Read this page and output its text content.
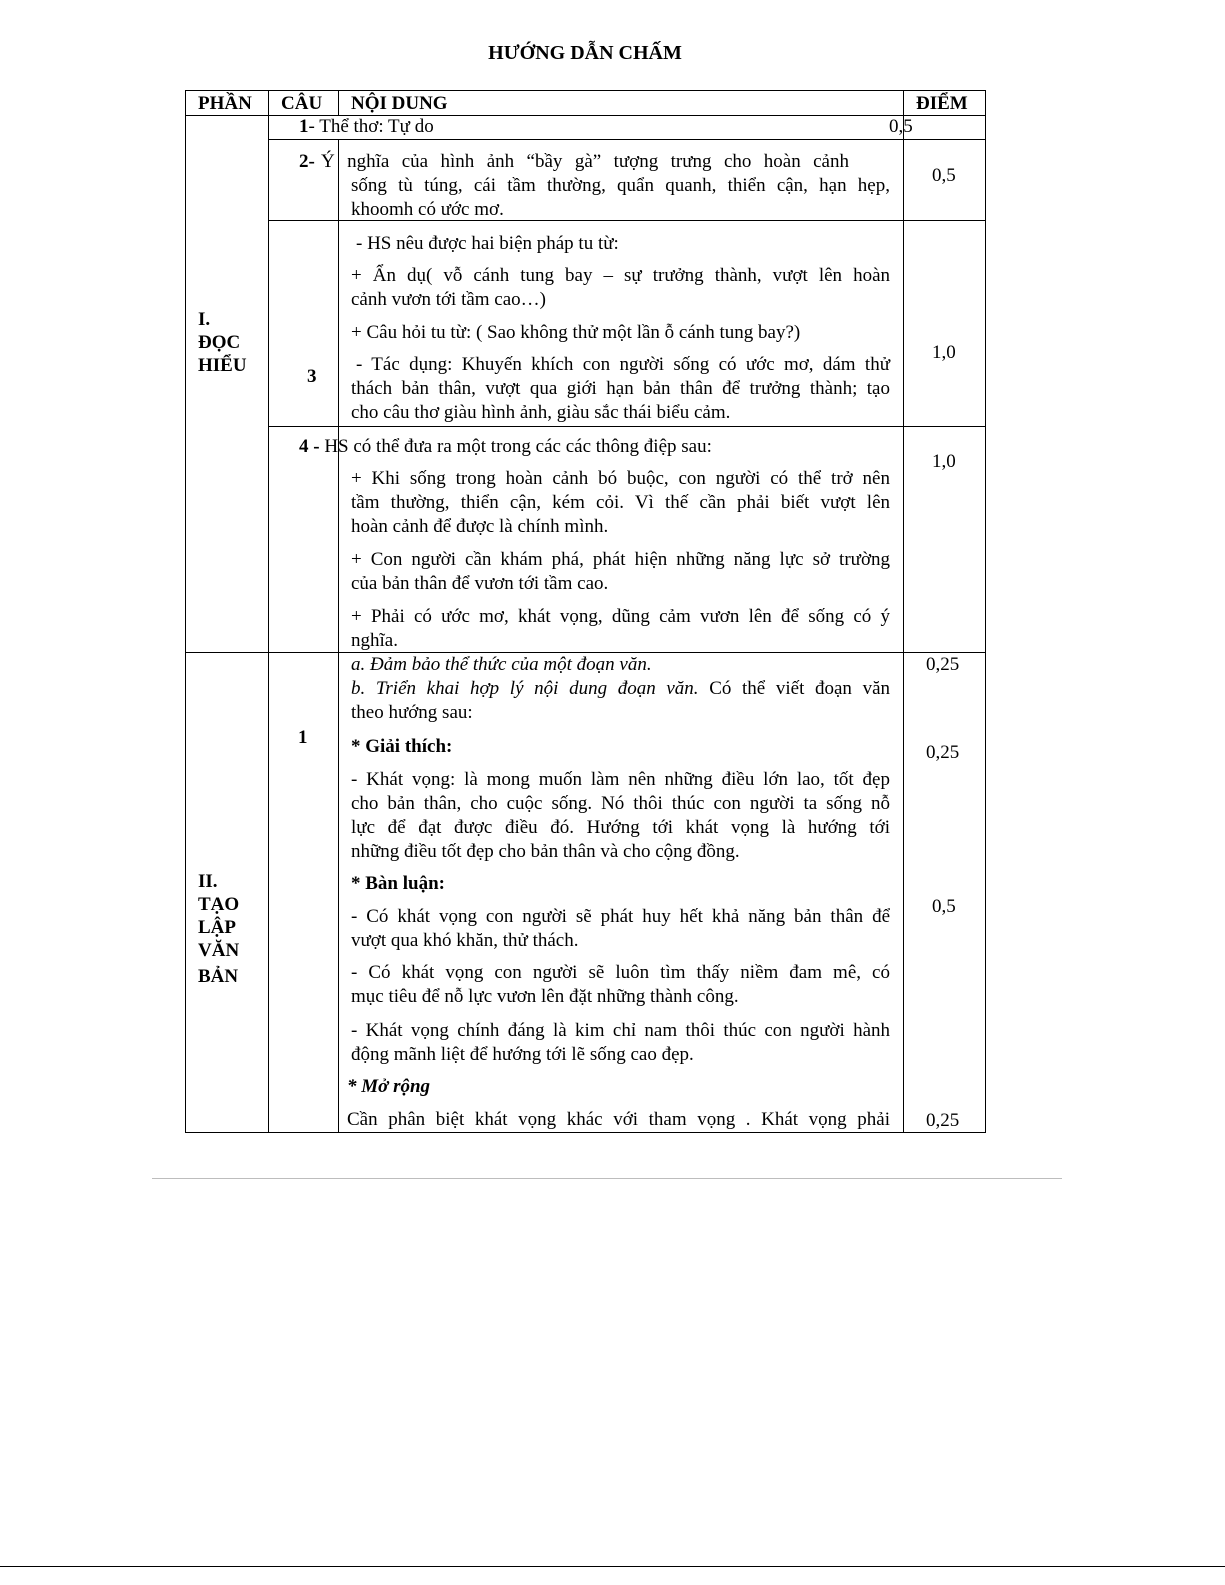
HƯỚNG DẪN CHẤM
PHẦN CÂU NỘI DUNG	ĐIỂM
I.
ĐỌC
HIỂU
1- Thể thơ: Tự do	0,5
2- Ý nghĩa của hình ảnh “bầy gà” tượng trưng cho hoàn cảnh
sống tù túng, cái tầm thường, quẩn quanh, thiển cận, hạn hẹp,
khoomh có ước mơ.
0,5
3
- HS nêu được hai biện pháp tu từ:
+ Ẩn dụ( vỗ cánh tung bay – sự trưởng thành, vượt lên hoàn
cảnh vươn tới tầm cao…)
+ Câu hỏi tu từ: ( Sao không thử một lần ỗ cánh tung bay?)
- Tác dụng: Khuyến khích con người sống có ước mơ, dám thử
thách bản thân, vượt qua giới hạn bản thân để trưởng thành; tạo
cho câu thơ giàu hình ảnh, giàu sắc thái biểu cảm.
1,0
4 - HS có thể đưa ra một trong các các thông điệp sau:
+ Khi sống trong hoàn cảnh bó buộc, con người có thể trở nên
tầm thường, thiển cận, kém cỏi. Vì thế cần phải biết vượt lên
hoàn cảnh để được là chính mình.
+ Con người cần khám phá, phát hiện những năng lực sở trường
của bản thân để vươn tới tầm cao.
+ Phải có ước mơ, khát vọng, dũng cảm vươn lên để sống có ý
nghĩa.
1,0
II.
TẠO
LẬP
VĂN
BẢN
1
a. Đảm bảo thể thức của một đoạn văn.
b. Triển khai hợp lý nội dung đoạn văn. Có thể viết đoạn văn
theo hướng sau:
* Giải thích:
- Khát vọng: là mong muốn làm nên những điều lớn lao, tốt đẹp
cho bản thân, cho cuộc sống. Nó thôi thúc con người ta sống nỗ
lực để đạt được điều đó. Hướng tới khát vọng là hướng tới
những điều tốt đẹp cho bản thân và cho cộng đồng.
* Bàn luận:
- Có khát vọng con người sẽ phát huy hết khả năng bản thân để
vượt qua khó khăn, thử thách.
- Có khát vọng con người sẽ luôn tìm thấy niềm đam mê, có
mục tiêu để nỗ lực vươn lên đặt những thành công.
- Khát vọng chính đáng là kim chỉ nam thôi thúc con người hành
động mãnh liệt để hướng tới lẽ sống cao đẹp.
* Mở rộng
Cần phân biệt khát vọng khác với tham vọng . Khát vọng phải
0,25
0,25
0,5
0,25
